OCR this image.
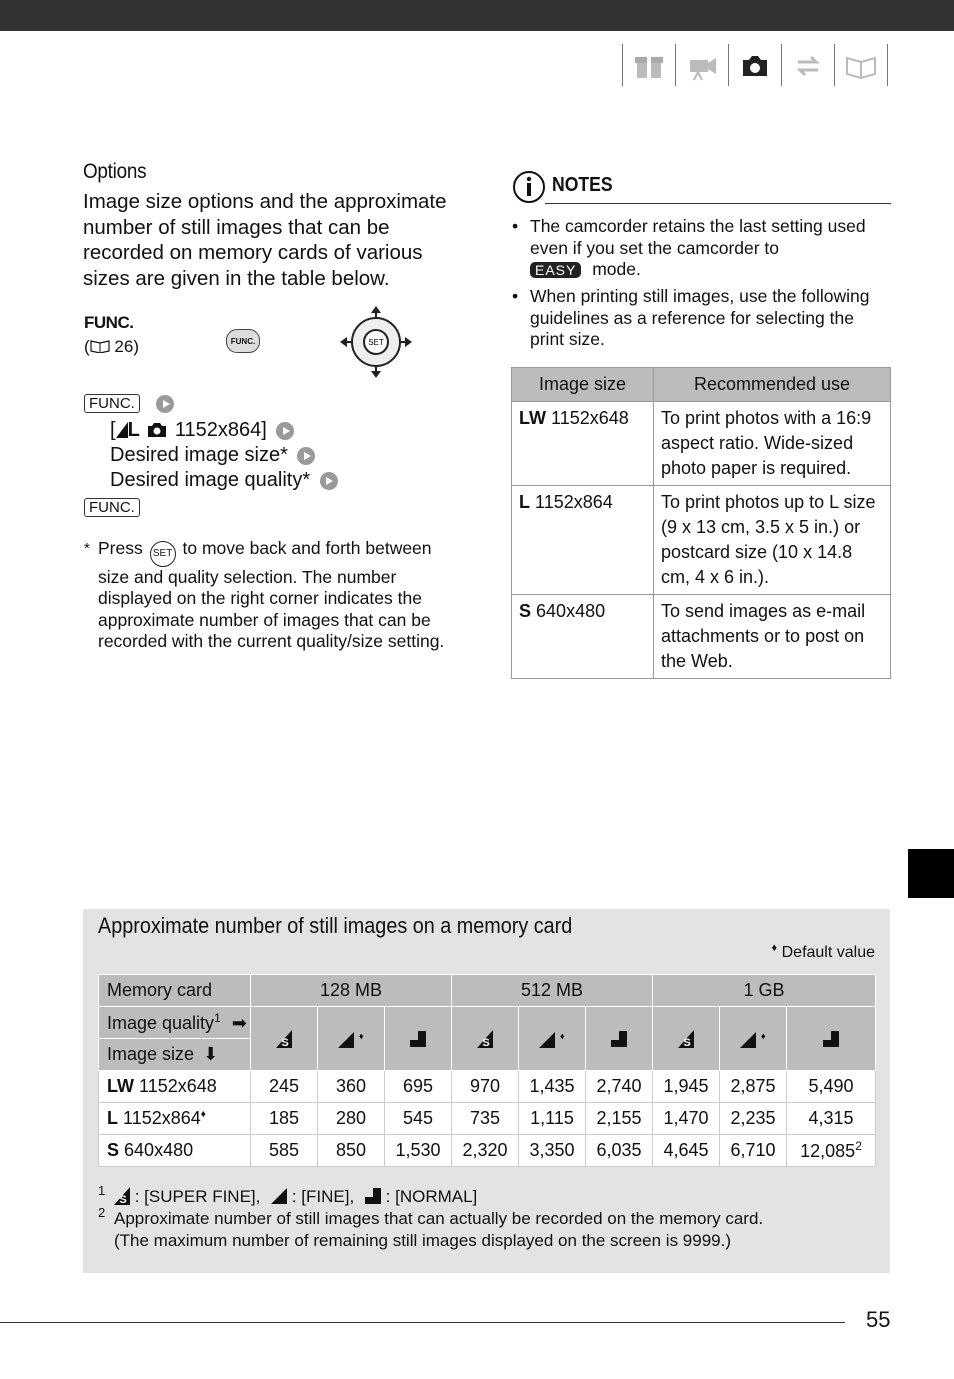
Options
Image size options and the approximate number of still images that can be recorded on memory cards of various sizes are given in the table below.
FUNC.
( 26)	FUNC.	SET
FUNC.
[ L 1152x864]
Desired image size*
Desired image quality*
FUNC.
* Press SET to move back and forth between size and quality selection. The number displayed on the right corner indicates the approximate number of images that can be recorded with the current quality/size setting.
NOTES
• The camcorder retains the last setting used even if you set the camcorder to
EASY mode.
• When printing still images, use the following guidelines as a reference for selecting the print size.
Image size	Recommended use
LW 1152x648	To print photos with a 16:9 aspect ratio. Wide-sized photo paper is required.
L 1152x864	To print photos up to L size (9 x 13 cm, 3.5 x 5 in.) or postcard size (10 x 14.8 cm, 4 x 6 in.).
S 640x480	To send images as e-mail attachments or to post on the Web.
Approximate number of still images on a memory card
♦ Default value
Memory card	128 MB			512 MB			1 GB		
Image quality$^1$ ➡	S	♦		S	♦		S	♦

Image size ⬇									
LW 1152x648	245	360	695	970	1,435	2,740	1,945	2,875	5,490
L 1152x864♦	185	280	545	735	1,115	2,155	1,470	2,235	4,315
S 640x480	585	850	1,530	2,320	3,350	6,035	4,645	6,710	12,085$^2$
1
S : [SUPER FINE], : [FINE], : [NORMAL]
2 Approximate number of still images that can actually be recorded on the memory card.
(The maximum number of remaining still images displayed on the screen is 9999.)
55
